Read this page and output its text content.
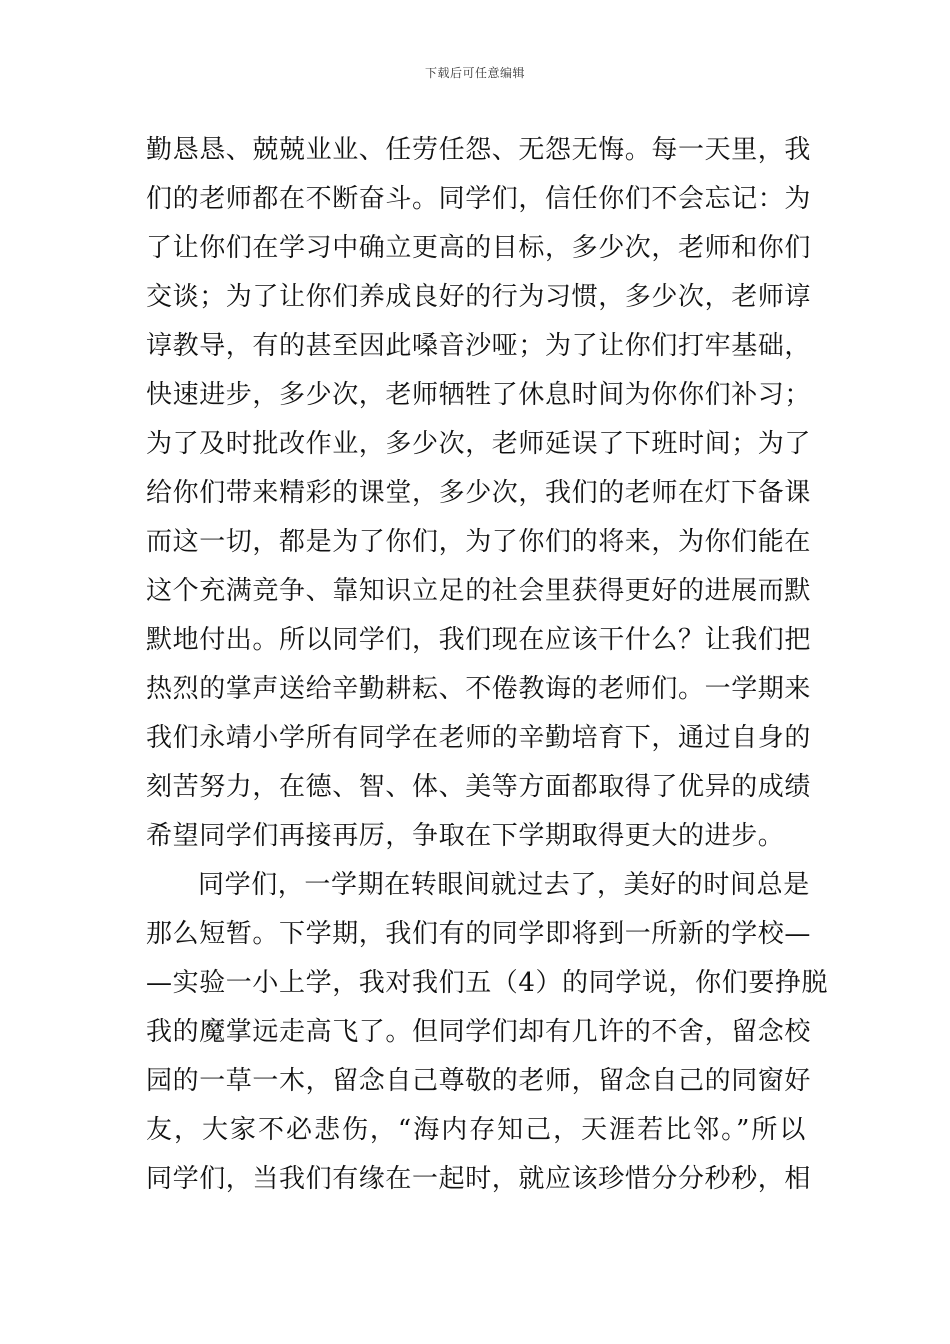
下载后可任意编辑
勤恳恳、兢兢业业、任劳任怨、无怨无悔。每一天里，我
们的老师都在不断奋斗。同学们，信任你们不会忘记：为
了让你们在学习中确立更高的目标，多少次，老师和你们
交谈；为了让你们养成良好的行为习惯，多少次，老师谆
谆教导，有的甚至因此嗓音沙哑；为了让你们打牢基础，
快速进步，多少次，老师牺牲了休息时间为你你们补习；
为了及时批改作业，多少次，老师延误了下班时间；为了
给你们带来精彩的课堂，多少次，我们的老师在灯下备课
而这一切，都是为了你们，为了你们的将来，为你们能在
这个充满竞争、靠知识立足的社会里获得更好的进展而默
默地付出。所以同学们，我们现在应该干什么？让我们把
热烈的掌声送给辛勤耕耘、不倦教诲的老师们。一学期来
我们永靖小学所有同学在老师的辛勤培育下，通过自身的
刻苦努力，在德、智、体、美等方面都取得了优异的成绩
希望同学们再接再厉，争取在下学期取得更大的进步。
同学们，一学期在转眼间就过去了，美好的时间总是
那么短暂。下学期，我们有的同学即将到一所新的学校—
—实验一小上学，我对我们五（4）的同学说，你们要挣脱
我的魔掌远走高飞了。但同学们却有几许的不舍，留念校
园的一草一木，留念自己尊敬的老师，留念自己的同窗好
友，大家不必悲伤，“海内存知己，天涯若比邻。”所以
同学们，当我们有缘在一起时，就应该珍惜分分秒秒，相
